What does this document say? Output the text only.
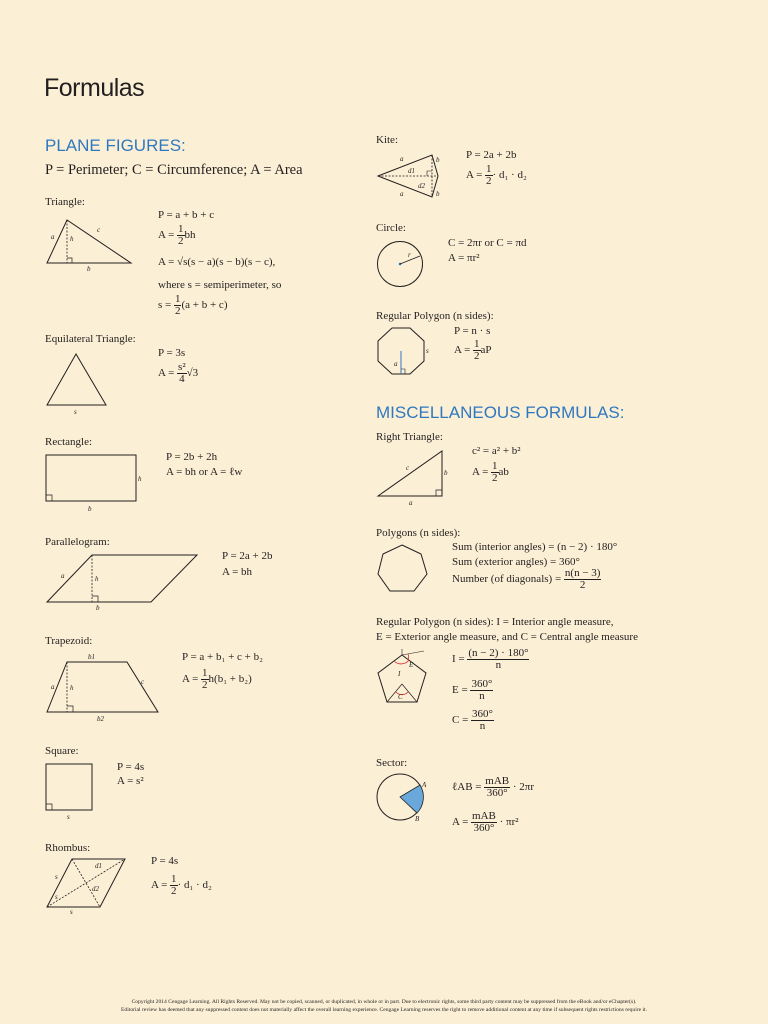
Formulas
PLANE FIGURES:
P = Perimeter; C = Circumference; A = Area
Triangle:
a h
c
b
P = a + b + c
$A = \frac{1}{2}$ bh
A = √s(s − a)(s − b)(s − c),
where s = semiperimeter, so
$s = \frac{1}{2} (a + b + c)$
Equilateral Triangle:
s
P = 3s
$A = \frac{\text{s²}}{4} √3$
Rectangle:
h
b
P = 2b + 2h
A = bh or A = ℓw
Parallelogram:
a	h
b
P = 2a + 2b
A = bh
Trapezoid:
b1
a h
c
b2
P = a + b₁ + c + b₂
$A = \frac{1}{2} h(b_1 + b_2)$
Square:
s
P = 4s
A = s²
Rhombus:
d1
d2
s
s
s
P = 4s
$A = \frac{1}{2} \cdot d_1 \cdot d_2$
Kite:
a
a
b
b
d1
d2
P = 2a + 2b
$A = \frac{1}{2} \cdot d_1 \cdot d_2$
Circle:
r
C = 2πr or C = πd
A = πr²
Regular Polygon (n sides):
a
s
P = n · s
$A = \frac{1}{2}$ aP
MISCELLANEOUS FORMULAS:
Right Triangle:
c
b
a
c² = a² + b²
$A = \frac{1}{2}$ ab
Polygons (n sides):
Sum (interior angles) = (n − 2) · 180°
Sum (exterior angles) = 360°
Number (of diagonals) = $\frac{n(n - 3)}{2}$
Regular Polygon (n sides): I = Interior angle measure,
E = Exterior angle measure, and C = Central angle measure
E
I
C
$I = \frac{(n - 2) \cdot 180^\circ}{n}$
$E = \frac{360^\circ}{n}$
$C = \frac{360^\circ}{n}$
Sector:
A
B
ℓAB = $\frac{\text{mAB}}{360^\circ} \cdot 2\pi r$
$A = \frac{\text{mAB}}{360^\circ} \cdot \pi r^2$
Copyright 2014 Cengage Learning. All Rights Reserved. May not be copied, scanned, or duplicated, in whole or in part. Due to electronic rights, some third party content may be suppressed from the eBook and/or eChapter(s).
Editorial review has deemed that any suppressed content does not materially affect the overall learning experience. Cengage Learning reserves the right to remove additional content at any time if subsequent rights restrictions require it.
